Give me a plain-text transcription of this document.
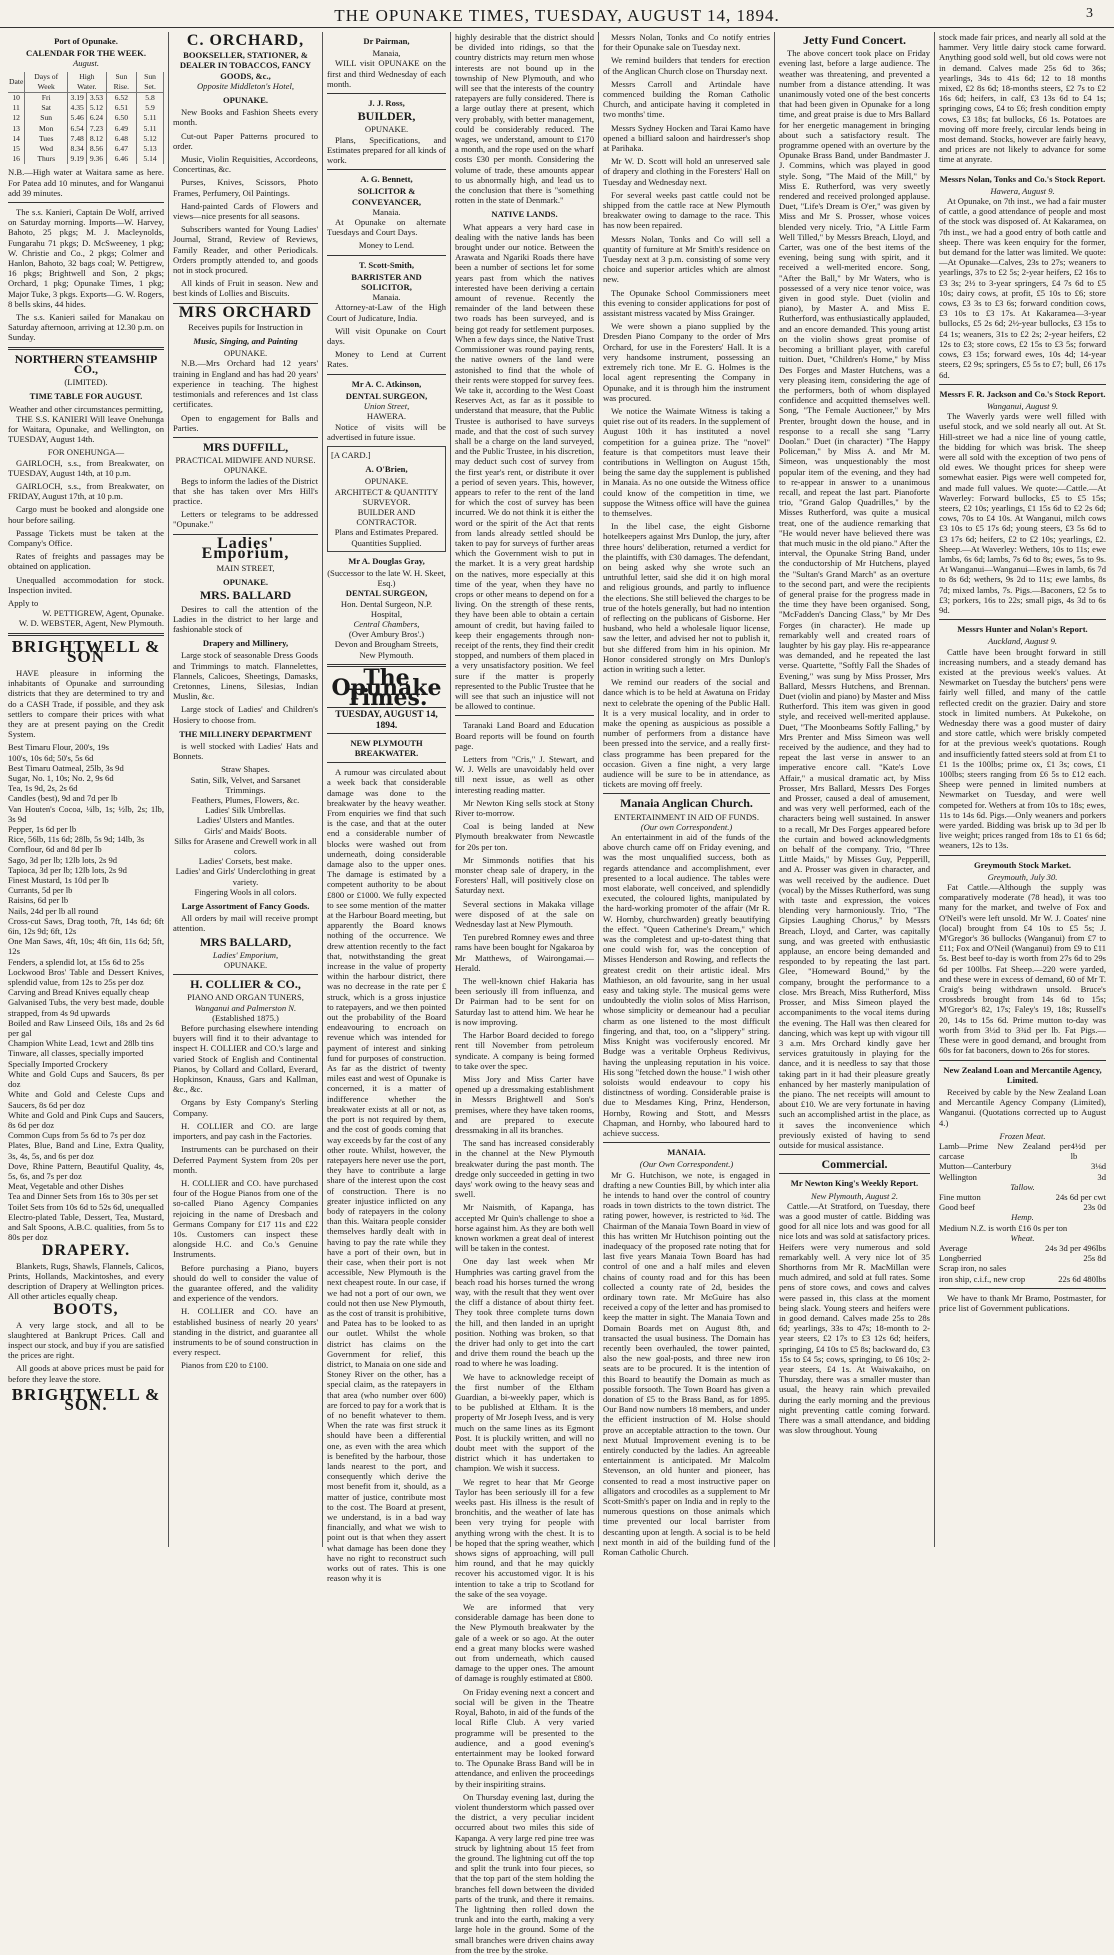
THE OPUNAKE TIMES, TUESDAY, AUGUST 14, 1894.	3
Port of Opunake.
CALENDAR FOR THE WEEK.
August.
Date	Days of Week	High Water.		Sun Rise.	Sun Set.
10	Fri	3.19	3.53	6.52	5.8
11	Sat	4.35	5.12	6.51	5.9
12	Sun	5.46	6.24	6.50	5.11
13	Mon	6.54	7.23	6.49	5.11
14	Tues	7.48	8.12	6.48	5.12
15	Wed	8.34	8.56	6.47	5.13
16	Thurs	9.19	9.36	6.46	5.14

N.B.—High water at Waitara same as here. For Patea add 10 minutes, and for Wanganui add 39 minutes.

The s.s. Kanieri, Captain De Wolf, arrived on Saturday morning. Imports—W. Harvey, Bahoto, 25 pkgs; M. J. Macleynolds, Fungarahu 71 pkgs; D. McSweeney, 1 pkg; W. Christie and Co., 2 pkgs; Colmer and Hanlon, Bahoto, 32 bags coal; W. Pettigrew, 16 pkgs; Brightwell and Son, 2 pkgs; Orchard, 1 pkg; Opunake Times, 1 pkg; Major Tuke, 3 pkgs. Exports—G. W. Rogers, 8 bells skins, 44 hides.

The s.s. Kanieri sailed for Manakau on Saturday afternoon, arriving at 12.30 p.m. on Sunday.

NORTHERN STEAMSHIP CO.,
(LIMITED).
TIME TABLE FOR AUGUST.
Weather and other circumstances permitting,

THE S.S. KANIERI Will leave Onehunga for Waitara, Opunake, and Wellington, on TUESDAY, August 14th.

FOR ONEHUNGA—

GAIRLOCH, s.s., from Breakwater, on TUESDAY, August 14th, at 10 p.m.

GAIRLOCH, s.s., from Breakwater, on FRIDAY, August 17th, at 10 p.m.

Cargo must be booked and alongside one hour before sailing.

Passage Tickets must be taken at the Company's Office.

Rates of freights and passages may be obtained on application.

Unequalled accommodation for stock. Inspection invited.

Apply to
W. PETTIGREW, Agent, Opunake.
W. D. WEBSTER, Agent, New Plymouth.
BRIGHTWELL & SON

HAVE pleasure in informing the inhabitants of Opunake and surrounding districts that they are determined to try and do a CASH Trade, if possible, and they ask settlers to compare their prices with what they are at present paying on the Credit System.

Best Timaru Flour, 200's, 19s
100's, 10s 6d; 50's, 5s 6d
Best Timaru Oatmeal, 25lb, 3s 9d
Sugar, No. 1, 10s; No. 2, 9s 6d
Tea, 1s 9d, 2s, 2s 6d
Candles (best), 9d and 7d per lb
Van Houten's Cocoa, ¼lb, 1s; ½lb, 2s; 1lb, 3s 9d
Pepper, 1s 6d per lb
Rice, 56lb, 11s 6d; 28lb, 5s 9d; 14lb, 3s
Cornflour, 6d and 8d per lb
Sago, 3d per lb; 12lb lots, 2s 9d
Tapioca, 3d per lb; 12lb lots, 2s 9d
Finest Mustard, 1s 10d per lb
Currants, 5d per lb
Raisins, 6d per lb
Nails, 24d per lb all round
Cross-cut Saws, Drag tooth, 7ft, 14s 6d; 6ft 6in, 12s 9d; 6ft, 12s
One Man Saws, 4ft, 10s; 4ft 6in, 11s 6d; 5ft, 12s
Fenders, a splendid lot, at 15s 6d to 25s
Lockwood Bros' Table and Dessert Knives, splendid value, from 12s to 25s per doz
Carving and Bread Knives equally cheap
Galvanised Tubs, the very best made, double strapped, from 4s 9d upwards
Boiled and Raw Linseed Oils, 18s and 2s 6d per gal
Champion White Lead, 1cwt and 28lb tins
Tinware, all classes, specially imported
Specially Imported Crockery
White and Gold Cups and Saucers, 8s per doz
White and Gold and Celeste Cups and Saucers, 8s 6d per doz
White and Gold and Pink Cups and Saucers, 8s 6d per doz
Common Cups from 5s 6d to 7s per doz
Plates, Blue, Band and Line, Extra Quality, 3s, 4s, 5s, and 6s per doz
Dove, Rhine Pattern, Beautiful Quality, 4s, 5s, 6s, and 7s per doz
Meat, Vegetable and other Dishes
Tea and Dinner Sets from 16s to 30s per set
Toilet Sets from 10s 6d to 52s 6d, unequalled
Electro-plated Table, Dessert, Tea, Mustard, and Salt Spoons, A.B.C. qualities, from 5s to 80s per doz
DRAPERY.

Blankets, Rugs, Shawls, Flannels, Calicos, Prints, Hollands, Mackintoshes, and every description of Drapery at Wellington prices. All other articles equally cheap.

BOOTS,

A very large stock, and all to be slaughtered at Bankrupt Prices. Call and inspect our stock, and buy if you are satisfied the prices are right.

All goods at above prices must be paid for before they leave the store.

BRIGHTWELL & SON.
C. ORCHARD,
BOOKSELLER, STATIONER, & DEALER IN TOBACCOS, FANCY GOODS, &c.,
Opposite Middleton's Hotel,
OPUNAKE.

New Books and Fashion Sheets every month.

Cut-out Paper Patterns procured to order.

Music, Violin Requisities, Accordeons, Concertinas, &c.

Purses, Knives, Scissors, Photo Frames, Perfumery, Oil Paintings.

Hand-painted Cards of Flowers and views—nice presents for all seasons.

Subscribers wanted for Young Ladies' Journal, Strand, Review of Reviews, Family Reader, and other Periodicals. Orders promptly attended to, and goods not in stock procured.

All kinds of Fruit in season. New and best kinds of Lollies and Biscuits.

MRS ORCHARD
Receives pupils for Instruction in
Music, Singing, and Painting
OPUNAKE.

N.B.—Mrs Orchard had 12 years' training in England and has had 20 years' experience in teaching. The highest testimonials and references and 1st class certificates.

Open to engagement for Balls and Parties.

MRS DUFFILL,
PRACTICAL MIDWIFE AND NURSE.
OPUNAKE.

Begs to inform the ladies of the District that she has taken over Mrs Hill's practice.

Letters or telegrams to be addressed "Opunake."

Ladies' Emporium,
MAIN STREET,
OPUNAKE.
MRS. BALLARD

Desires to call the attention of the Ladies in the district to her large and fashionable stock of

Drapery and Millinery,

Large stock of seasonable Dress Goods and Trimmings to match. Flannelettes, Flannels, Calicoes, Sheetings, Damasks, Cretonnes, Linens, Silesias, Indian Muslin, &c.

Large stock of Ladies' and Children's Hosiery to choose from.

THE MILLINERY DEPARTMENT

is well stocked with Ladies' Hats and Bonnets.

Straw Shapes.
Satin, Silk, Velvet, and Sarsanet Trimmings.
Feathers, Plumes, Flowers, &c.
Ladies' Silk Umbrellas.
Ladies' Ulsters and Mantles.
Girls' and Maids' Boots.
Silks for Arasene and Crewell work in all colors.
Ladies' Corsets, best make.
Ladies' and Girls' Underclothing in great variety.
Fingering Wools in all colors.
Large Assortment of Fancy Goods.

All orders by mail will receive prompt attention.

MRS BALLARD,
Ladies' Emporium,
OPUNAKE.
H. COLLIER & CO.,
PIANO AND ORGAN TUNERS,
Wanganui and Palmerston N.
(Established 1875.)

Before purchasing elsewhere intending buyers will find it to their advantage to inspect H. COLLIER and CO.'s large and varied Stock of English and Continental Pianos, by Collard and Collard, Everard, Hopkinson, Knauss, Gars and Kallman, &c., &c.

Organs by Esty Company's Sterling Company.

H. COLLIER and CO. are large importers, and pay cash in the Factories.

Instruments can be purchased on their Deferred Payment System from 20s per month.

H. COLLIER and CO. have purchased four of the Hogue Pianos from one of the so-called Piano Agency Companies rejoicing in the name of Dresbach and Germans Company for £17 11s and £22 10s. Customers can inspect these alongside H.C. and Co.'s Genuine Instruments.

Before purchasing a Piano, buyers should do well to consider the value of the guarantee offered, and the validity and experience of the vendors.

H. COLLIER and CO. have an established business of nearly 20 years' standing in the district, and guarantee all instruments to be of sound construction in every respect.

Pianos from £20 to £100.

Dr Pairman,
Manaia,

WILL visit OPUNAKE on the first and third Wednesday of each month.

J. J. Ross,
BUILDER,
OPUNAKE.

Plans, Specifications, and Estimates prepared for all kinds of work.

A. G. Bennett,
SOLICITOR & CONVEYANCER,
Manaia.

At Opunake on alternate Tuesdays and Court Days.

Money to Lend.
T. Scott-Smith,
BARRISTER AND SOLICITOR,
Manaia.

Attorney-at-Law of the High Court of Judicature, India.

Will visit Opunake on Court days.

Money to Lend at Current Rates.

Mr A. C. Atkinson,
DENTAL SURGEON,
Union Street,
HAWERA.

Notice of visits will be advertised in future issue.

[A CARD.]
A. O'Brien,
OPUNAKE.
ARCHITECT & QUANTITY SURVEYOR.
BUILDER AND CONTRACTOR.
Plans and Estimates Prepared.
Quantities Supplied.
Mr A. Douglas Gray,
(Successor to the late W. H. Skeet, Esq.)
DENTAL SURGEON,
Hon. Dental Surgeon, N.P. Hospital,
Central Chambers,
(Over Ambury Bros'.)
Devon and Brougham Streets,
New Plymouth.
The Opunake Times.
TUESDAY, AUGUST 14, 1894.
NEW PLYMOUTH BREAKWATER.

A rumour was circulated about a week back that considerable damage was done to the breakwater by the heavy weather. From enquiries we find that such is the case, and that at the outer end a considerable number of blocks were washed out from underneath, doing considerable damage also to the upper ones. The damage is estimated by a competent authority to be about £800 or £1000. We fully expected to see some mention of the matter at the Harbour Board meeting, but apparently the Board knows nothing of the occurrence. We drew attention recently to the fact that, notwithstanding the great increase in the value of property within the harbour district, there was no decrease in the rate per £ struck, which is a gross injustice to ratepayers, and we then pointed out the probability of the Board endeavouring to encroach on revenue which was intended for payment of interest and sinking fund for purposes of construction. As far as the district of twenty miles east and west of Opunake is concerned, it is a matter of indifference whether the breakwater exists at all or not, as the port is not required by them, and the cost of goods coming that way exceeds by far the cost of any other route. Whilst, however, the ratepayers here never use the port, they have to contribute a large share of the interest upon the cost of construction. There is no greater injustice inflicted on any body of ratepayers in the colony than this. Waitara people consider themselves hardly dealt with in having to pay the rate while they have a port of their own, but in their case, when their port is not accessible, New Plymouth is the next cheapest route. In our case, if we had not a port of our own, we could not then use New Plymouth, as the cost of transit is prohibitive, and Patea has to be looked to as our outlet. Whilst the whole district has claims on the Government for relief, this district, to Manaia on one side and Stoney River on the other, has a special claim, as the ratepayers in that area (who number over 600) are forced to pay for a work that is of no benefit whatever to them. When the rate was first struck it should have been a differential one, as even with the area which is benefited by the harbour, those lands nearest to the port, and consequently which derive the most benefit from it, should, as a matter of justice, contribute most to the cost. The Board at present, we understand, is in a bad way financially, and what we wish to point out is that when they assert what damage has been done they have no right to reconstruct such works out of rates. This is one reason why it is

highly desirable that the district should be divided into ridings, so that the country districts may return men whose interests are not bound up in the township of New Plymouth, and who will see that the interests of the country ratepayers are fully considered. There is a large outlay there at present, which very probably, with better management, could be considerably reduced. The wages, we understand, amount to £170 a month, and the rope used on the wharf costs £30 per month. Considering the volume of trade, these amounts appear to us abnormally high, and lead us to the conclusion that there is "something rotten in the state of Denmark."

NATIVE LANDS.

What appears a very hard case in dealing with the native lands has been brought under our notice. Between the Arawata and Ngariki Roads there have been a number of sections let for some years past from which the natives interested have been deriving a certain amount of revenue. Recently the remainder of the land between these two roads has been surveyed, and is being got ready for settlement purposes. When a few days since, the Native Trust Commissioner was round paying rents, the native owners of the land were astonished to find that the whole of their rents were stopped for survey fees. We take it, according to the West Coast Reserves Act, as far as it possible to understand that measure, that the Public Trustee is authorised to have surveys made, and that the cost of such survey shall be a charge on the land surveyed, and the Public Trustee, in his discretion, may deduct such cost of survey from the first year's rent, or distribute it over a period of seven years. This, however, appears to refer to the rent of the land for which the cost of survey has been incurred. We do not think it is either the word or the spirit of the Act that rents from lands already settled should be taken to pay for surveys of further areas which the Government wish to put in the market. It is a very great hardship on the natives, more especially at this time of the year, when they have no crops or other means to depend on for a living. On the strength of these rents, they have been able to obtain a certain amount of credit, but having failed to keep their engagements through non-receipt of the rents, they find their credit stopped, and numbers of them placed in a very unsatisfactory position. We feel sure if the matter is properly represented to the Public Trustee that he will see that such an injustice will not be allowed to continue.

Taranaki Land Board and Education Board reports will be found on fourth page.

Letters from "Cris," J. Stewart, and W. J. Wells are unavoidably held over till next issue, as well as other interesting reading matter.

Mr Newton King sells stock at Stony River to-morrow.

Coal is being landed at New Plymouth breakwater from Newcastle for 20s per ton.

Mr Simmonds notifies that his monster cheap sale of drapery, in the Foresters' Hall, will positively close on Saturday next.

Several sections in Makaka village were disposed of at the sale on Wednesday last at New Plymouth.

Ten purebred Romney ewes and three rams have been bought for Ngakaroa by Mr Matthews, of Wairongamai.—Herald.

The well-known chief Hakaria has been seriously ill from influenza, and Dr Pairman had to be sent for on Saturday last to attend him. We hear he is now improving.

The Harbor Board decided to forego rent till November from petroleum syndicate. A company is being formed to take over the spec.

Miss Jory and Miss Carter have opened up a dressmaking establishment in Messrs Brightwell and Son's premises, where they have taken rooms, and are prepared to execute dressmaking in all its branches.

The sand has increased considerably in the channel at the New Plymouth breakwater during the past month. The dredge only succeeded in getting in two days' work owing to the heavy seas and swell.

Mr Naismith, of Kapanga, has accepted Mr Quin's challenge to shoe a horse against him. As they are both well known workmen a great deal of interest will be taken in the contest.

One day last week when Mr Humphries was carting gravel from the beach road his horses turned the wrong way, with the result that they went over the cliff a distance of about thirty feet. They took three complete turns down the hill, and then landed in an upright position. Nothing was broken, so that the driver had only to get into the cart and drive them round the beach up the road to where he was loading.

We have to acknowledge receipt of the first number of the Eltham Guardian, a bi-weekly paper, which is to be published at Eltham. It is the property of Mr Joseph Ivess, and is very much on the same lines as its Egmont Post. It is pluckily written, and will no doubt meet with the support of the district which it has undertaken to champion. We wish it success.

We regret to hear that Mr George Taylor has been seriously ill for a few weeks past. His illness is the result of bronchitis, and the weather of late has been very trying for people with anything wrong with the chest. It is to be hoped that the spring weather, which shows signs of approaching, will pull him round, and that he may quickly recover his accustomed vigor. It is his intention to take a trip to Scotland for the sake of the sea voyage.

We are informed that very considerable damage has been done to the New Plymouth breakwater by the gale of a week or so ago. At the outer end a great many blocks were washed out from underneath, which caused damage to the upper ones. The amount of damage is roughly estimated at £800.

On Friday evening next a concert and social will be given in the Theatre Royal, Bahoto, in aid of the funds of the local Rifle Club. A very varied programme will be presented to the audience, and a good evening's entertainment may be looked forward to. The Opunake Brass Band will be in attendance, and enliven the proceedings by their inspiriting strains.

On Thursday evening last, during the violent thunderstorm which passed over the district, a very peculiar incident occurred about two miles this side of Kapanga. A very large red pine tree was struck by lightning about 15 feet from the ground. The lightning cut off the top and split the trunk into four pieces, so that the top part of the stem holding the branches fell down between the divided parts of the trunk, and there it remains. The lightning then rolled down the trunk and into the earth, making a very large hole in the ground. Some of the small branches were driven chains away from the tree by the stroke.

Messrs Nolan, Tonks and Co notify entries for their Opunake sale on Tuesday next.

We remind builders that tenders for erection of the Anglican Church close on Thursday next.

Messrs Carroll and Artindale have commenced building the Roman Catholic Church, and anticipate having it completed in two months' time.

Messrs Sydney Hocken and Tarai Kamo have opened a billiard saloon and hairdresser's shop at Parihaka.

Mr W. D. Scott will hold an unreserved sale of drapery and clothing in the Foresters' Hall on Tuesday and Wednesday next.

For several weeks past cattle could not be shipped from the cattle race at New Plymouth breakwater owing to damage to the race. This has now been repaired.

Messrs Nolan, Tonks and Co will sell a quantity of furniture at Mr Smith's residence on Tuesday next at 3 p.m. consisting of some very choice and superior articles which are almost new.

The Opunake School Commissioners meet this evening to consider applications for post of assistant mistress vacated by Miss Grainger.

We were shown a piano supplied by the Dresden Piano Company to the order of Mrs Orchard, for use in the Foresters' Hall. It is a very handsome instrument, possessing an extremely rich tone. Mr E. G. Holmes is the local agent representing the Company in Opunake, and it is through him the instrument was procured.

We notice the Waimate Witness is taking a quiet rise out of its readers. In the supplement of August 10th it has instituted a novel competition for a guinea prize. The "novel" feature is that competitors must leave their contributions in Wellington on August 15th, being the same day the supplement is published in Manaia. As no one outside the Witness office could know of the competition in time, we suppose the Witness office will have the guinea to themselves.

In the libel case, the eight Gisborne hotelkeepers against Mrs Dunlop, the jury, after three hours' deliberation, returned a verdict for the plaintiffs, with £30 damages. The defendant, on being asked why she wrote such an untruthful letter, said she did it on high moral and religious grounds, and partly to influence the elections. She still believed the charges to be true of the hotels generally, but had no intention of reflecting on the publicans of Gisborne. Her husband, who held a wholesale liquor license, saw the letter, and advised her not to publish it, but she differed from him in his opinion. Mr Honor considered strongly on Mrs Dunlop's action in writing such a letter.

We remind our readers of the social and dance which is to be held at Awatuna on Friday next to celebrate the opening of the Public Hall. It is a very musical locality, and in order to make the opening as auspicious as possible a number of performers from a distance have been pressed into the service, and a really first-class programme has been prepared for the occasion. Given a fine night, a very large audience will be sure to be in attendance, as tickets are moving off freely.

Manaia Anglican Church.
ENTERTAINMENT IN AID OF FUNDS.
(Our own Correspondent.)

An entertainment in aid of the funds of the above church came off on Friday evening, and was the most unqualified success, both as regards attendance and accomplishment, ever presented to a local audience. The tables were most elaborate, well conceived, and splendidly executed, the coloured lights, manipulated by the hard-working promoter of the affair (Mr R. W. Hornby, churchwarden) greatly beautifying the effect. "Queen Catherine's Dream," which was the completest and up-to-datest thing that one could wish for, was the conception of Misses Henderson and Rowing, and reflects the greatest credit on their artistic ideal. Mrs Mathieson, an old favourite, sang in her usual easy and taking style. The musical gems were undoubtedly the violin solos of Miss Harrison, whose simplicity or demeanour had a peculiar charm as one listened to the most difficult fingering, and that, too, on a "slippery" string. Miss Knight was vociferously encored. Mr Budge was a veritable Orpheus Redivivus, having the unpleasing reputation in his voice. His song "fetched down the house." I wish other soloists would endeavour to copy his distinctness of wording. Considerable praise is due to Mesdames King, Prinz, Henderson, Hornby, Rowing and Stott, and Messrs Chapman, and Hornby, who laboured hard to achieve success.

MANAIA.
(Our Own Correspondent.)

Mr G. Hutchison, we note, is engaged in drafting a new Counties Bill, by which inter alia he intends to hand over the control of country roads in town districts to the town district. The rating power, however, is restricted to ¾d. The Chairman of the Manaia Town Board in view of this has written Mr Hutchison pointing out the inadequacy of the proposed rate noting that for last five years Manaia Town Board has had control of one and a half miles and eleven chains of county road and for this has been collected a county rate of 2d, besides the ordinary town rate. Mr McGuire has also received a copy of the letter and has promised to keep the matter in sight. The Manaia Town and Domain Boards met on August 8th, and transacted the usual business. The Domain has recently been overhauled, the tower painted, also the new goal-posts, and three new iron seats are to be procured. It is the intention of this Board to beautify the Domain as much as possible forsooth. The Town Board has given a donation of £5 to the Brass Band, as for 1895. Our Band now numbers 18 members, and under the efficient instruction of M. Holse should prove an acceptable attraction to the town. Our next Mutual Improvement evening is to be entirely conducted by the ladies. An agreeable entertainment is anticipated. Mr Malcolm Stevenson, an old hunter and pioneer, has consented to read a most instructive paper on alligators and crocodiles as a supplement to Mr Scott-Smith's paper on India and in reply to the numerous questions on those animals which time prevented our local barrister from descanting upon at length. A social is to be held next month in aid of the building fund of the Roman Catholic Church.

Jetty Fund Concert.

The above concert took place on Friday evening last, before a large audience. The weather was threatening, and prevented a number from a distance attending. It was unanimously voted one of the best concerts that had been given in Opunake for a long time, and great praise is due to Mrs Ballard for her energetic management in bringing about such a satisfactory result. The programme opened with an overture by the Opunake Brass Band, under Bandmaster J. J. Commins, which was played in good style. Song, "The Maid of the Mill," by Miss E. Rutherford, was very sweetly rendered and received prolonged applause. Duet, "Life's Dream is O'er," was given by Miss and Mr S. Prosser, whose voices blended very nicely. Trio, "A Little Farm Well Tilled," by Messrs Breach, Lloyd, and Carter, was one of the best items of the evening, being sung with spirit, and it received a well-merited encore. Song, "After the Ball," by Mr Waters, who is possessed of a very nice tenor voice, was given in good style. Duet (violin and piano), by Master A. and Miss E. Rutherford, was enthusiastically applauded, and an encore demanded. This young artist on the violin shows great promise of becoming a brilliant player, with careful tuition. Duet, "Children's Home," by Miss Des Forges and Master Hutchens, was a very pleasing item, considering the age of the performers, both of whom displayed confidence and acquitted themselves well. Song, "The Female Auctioneer," by Mrs Prenter, brought down the house, and in response to a recall she sang "Larry Doolan." Duet (in character) "The Happy Policeman," by Miss A. and Mr M. Simeon, was unquestionably the most popular item of the evening, and they had to re-appear in answer to a unanimous recall, and repeat the last part. Pianoforte trio, "Grand Galop Quadrilles," by the Misses Rutherford, was quite a musical treat, one of the audience remarking that "He would never have believed there was that much music in the old piano." After the interval, the Opunake String Band, under the conductorship of Mr Hutchens, played the "Sultan's Grand March" as an overture to the second part, and were the recipients of general praise for the progress made in the time they have been organised. Song, "McFadden's Dancing Class," by Mr Des Forges (in character). He made up remarkably well and created roars of laughter by his gay play. His re-appearance was demanded, and he repeated the last verse. Quartette, "Softly Fall the Shades of Evening," was sung by Miss Prosser, Mrs Ballard, Messrs Hutchens, and Brennan. Duet (violin and piano) by Master and Miss Rutherford. This item was given in good style, and received well-merited applause. Duet, "The Moonbeams Softly Falling," by Mrs Prenter and Miss Simeon was well received by the audience, and they had to repeat the last verse in answer to an imperative encore call. "Kate's Love Affair," a musical dramatic act, by Miss Prosser, Mrs Ballard, Messrs Des Forges and Prosser, caused a deal of amusement, and was very well performed, each of the characters being well sustained. In answer to a recall, Mr Des Forges appeared before the curtain and bowed acknowledgments on behalf of the company. Trio, "Three Little Maids," by Misses Guy, Pepperill, and A. Prosser was given in character, and was well received by the audience. Duet (vocal) by the Misses Rutherford, was sung with taste and expression, the voices blending very harmoniously. Trio, "The Gipsies Laughing Chorus," by Messrs Breach, Lloyd, and Carter, was capitally sung, and was greeted with enthusiastic applause, an encore being demanded and responded to by repeating the last part. Glee, "Homeward Bound," by the company, brought the performance to a close. Mrs Breach, Miss Rutherford, Miss Prosser, and Miss Simeon played the accompaniments to the vocal items during the evening. The Hall was then cleared for dancing, which was kept up with vigour till 3 a.m. Mrs Orchard kindly gave her services gratuitously in playing for the dance, and it is needless to say that those taking part in it had their pleasure greatly enhanced by her masterly manipulation of the piano. The net receipts will amount to about £10. We are very fortunate in having such an accomplished artist in the place, as it saves the inconvenience which previously existed of having to send outside for musical assistance.

Commercial.
Mr Newton King's Weekly Report.
New Plymouth, August 2.

Cattle.—At Stratford, on Tuesday, there was a good muster of cattle. Bidding was good for all nice lots and was good for all nice lots and was sold at satisfactory prices. Heifers were very numerous and sold remarkably well. A very nice lot of 35 Shorthorns from Mr R. MacMillan were much admired, and sold at full rates. Some pens of store cows, and cows and calves were passed in, this class at the moment being slack. Young steers and heifers were in good demand. Calves made 25s to 28s 6d; yearlings, 33s to 47s; 18-month to 2-year steers, £2 17s to £3 12s 6d; heifers, springing, £4 10s to £5 8s; backward do, £3 15s to £4 5s; cows, springing, to £6 10s; 2-year steers, £4 1s. At Waiwakaiho, on Thursday, there was a smaller muster than usual, the heavy rain which prevailed during the early morning and the previous night preventing cattle coming forward. There was a small attendance, and bidding was slow throughout. Young

stock made fair prices, and nearly all sold at the hammer. Very little dairy stock came forward. Anything good sold well, but old cows were not in demand. Calves made 25s 6d to 36s; yearlings, 34s to 41s 6d; 12 to 18 months mixed, £2 8s 6d; 18-months steers, £2 7s to £2 16s 6d; heifers, in calf, £3 13s 6d to £4 1s; springing cows, £4 to £6; fresh condition empty cows, £3 18s; fat bullocks, £6 1s. Potatoes are moving off more freely, circular lends being in most demand. Stocks, however are fairly heavy, and prices are not likely to advance for some time at anyrate.

Messrs Nolan, Tonks and Co.'s Stock Report.
Hawera, August 9.

At Opunake, on 7th inst., we had a fair muster of cattle, a good attendance of people and most of the stock was disposed of. At Kakaramea, on 7th inst., we had a good entry of both cattle and sheep. There was keen enquiry for the former, but demand for the latter was limited. We quote:—At Opunake—Calves, 23s to 27s; weaners to yearlings, 37s to £2 5s; 2-year heifers, £2 16s to £3 3s; 2½ to 3-year springers, £4 7s 6d to £5 10s; dairy cows, at profit, £5 10s to £6; store cows, £3 3s to £3 6s; forward condition cows, £3 10s to £3 17s. At Kakaramea—3-year bullocks, £5 2s 6d; 2½-year bullocks, £3 15s to £4 1s; weaners, 31s to £2 2s; 2-year heifers, £2 12s to £3; store cows, £2 15s to £3 5s; forward cows, £3 15s; forward ewes, 10s 4d; 14-year steers, £2 9s; springers, £5 5s to £7; bull, £6 17s 6d.

Messrs F. R. Jackson and Co.'s Stock Report.
Wanganui, August 9.

The Waverly yards were well filled with useful stock, and we sold nearly all out. At St. Hill-street we had a nice line of young cattle, the bidding for which was brisk. The sheep were all sold with the exception of two pens of old ewes. We thought prices for sheep were somewhat easier. Pigs were well competed for, and made full values. We quote:—Cattle.—At Waverley: Forward bullocks, £5 to £5 15s; steers, £2 10s; yearlings, £1 15s 6d to £2 2s 6d; cows, 70s to £4 10s. At Wanganui, milch cows £3 10s to £5 17s 6d; young steers, £3 5s 6d to £3 17s 6d; heifers, £2 to £2 10s; yearlings, £2. Sheep.—At Waverley: Wethers, 10s to 11s; ewe lambs, 6s 6d; lambs, 7s 6d to 8s; ewes, 5s to 9s. At Wanganui—Wanganui—Ewes in lamb, 6s 7d to 8s 6d; wethers, 9s 2d to 11s; ewe lambs, 8s 7d; mixed lambs, 7s. Pigs.—Baconers, £2 5s to £3; porkers, 16s to 22s; small pigs, 4s 3d to 6s 9d.

Messrs Hunter and Nolan's Report.
Auckland, August 9.

Cattle have been brought forward in still increasing numbers, and a steady demand has existed at the previous week's values. At Newmarket on Tuesday the butchers' pens were fairly well filled, and many of the cattle reflected credit on the grazier. Dairy and store stock in limited numbers. At Pukekohe, on Wednesday there was a good muster of dairy and store cattle, which were briskly competed for at the previous week's quotations. Rough and insufficiently fatted steers sold at from £1 to £1 1s the 100lbs; prime ox, £1 3s; cows, £1 100lbs; steers ranging from £6 5s to £12 each. Sheep were penned in limited numbers at Newmarket on Tuesday, and were well competed for. Wethers at from 10s to 18s; ewes, 11s to 14s 6d. Pigs.—Only weaners and porkers were yarded. Bidding was brisk up to 3d per lb live weight; prices ranged from 18s to £1 6s 6d; weaners, 12s to 13s.

Greymouth Stock Market.
Greymouth, July 30.

Fat Cattle.—Although the supply was comparatively moderate (78 head), it was too many for the market, and twelve of Fox and O'Neil's were left unsold. Mr W. J. Coates' nine (local) brought from £4 10s to £5 5s; J. M'Gregor's 36 bullocks (Wanganui) from £7 to £11; Fox and O'Neil (Wanganui) from £9 to £11 5s. Best beef to-day is worth from 27s 6d to 29s 6d per 100lbs. Fat Sheep.—220 were yarded, and these were in excess of demand, 60 of Mr T. Craig's being withdrawn unsold. Bruce's crossbreds brought from 14s 6d to 15s; M'Gregor's 82, 17s; Faley's 19, 18s; Russell's 20, 14s to 15s 6d. Prime mutton to-day was worth from 3½d to 3¾d per lb. Fat Pigs.—These were in good demand, and brought from 60s for fat baconers, down to 26s for stores.

New Zealand Loan and Mercantile Agency, Limited.

Received by cable by the New Zealand Loan and Mercantile Agency Company (Limited), Wanganui. (Quotations corrected up to August 4.)

Frozen Meat.
Lamb—Prime New Zealand per carcase
4½d per lb
Mutton—Canterbury	3⅛d
Wellington	3d
Tallow.
Fine mutton	24s 6d per cwt
Good beef	23s 0d
Hemp.
Medium N.Z. is worth £16 0s per ton
Wheat.
Average	24s 3d per 496lbs
Longberried	25s 8d
Scrap iron, no sales
iron ship, c.i.f., new crop	22s 6d 480lbs

We have to thank Mr Bramo, Postmaster, for price list of Government publications.
